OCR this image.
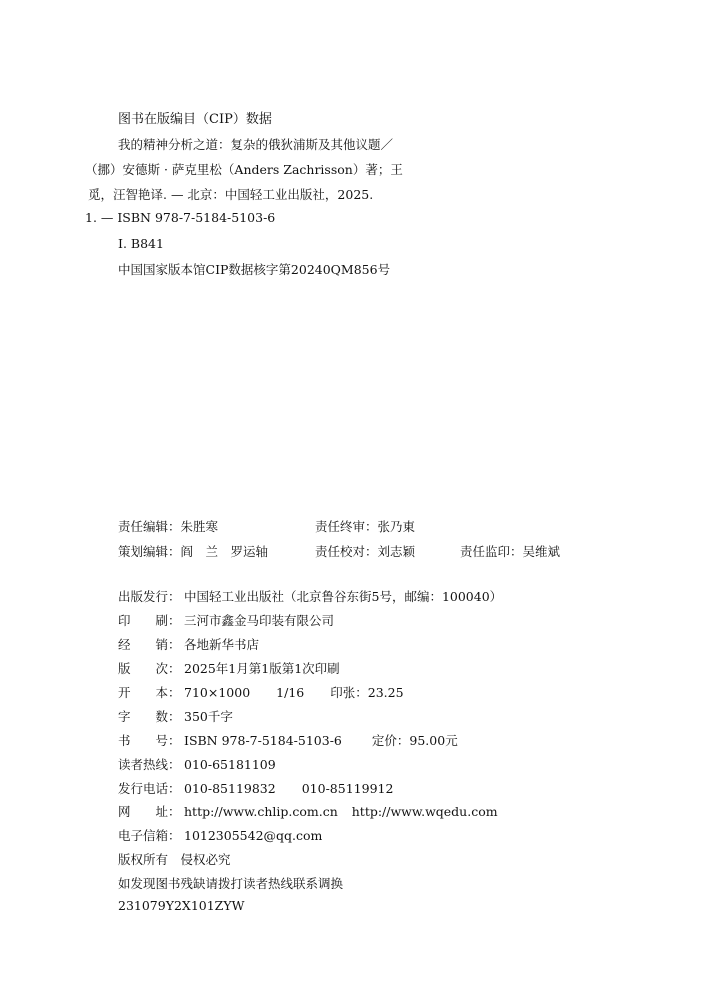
图书在版编目（CIP）数据
我的精神分析之道：复杂的俄狄浦斯及其他议题／
（挪）安德斯 · 萨克里松（Anders Zachrisson）著；王
觅，汪智艳译. — 北京：中国轻工业出版社，2025.
1. — ISBN 978-7-5184-5103-6
Ⅰ. B841
中国国家版本馆CIP数据核字第20240QM856号
责任编辑：朱胜寒	责任终审：张乃東
策划编辑：阎　兰　罗运轴	责任校对：刘志颖	责任监印：吴维斌
出版发行： 中国轻工业出版社（北京鲁谷东街5号，邮编：100040）
印　　刷： 三河市鑫金马印装有限公司
经　　销： 各地新华书店
版　　次： 2025年1月第1版第1次印刷
开　　本： 710×1000 1/16 印张：23.25
字　　数： 350千字
书　　号： ISBN 978-7-5184-5103-6 定价：95.00元
读者热线： 010-65181109
发行电话： 010-85119832 010-85119912
网　　址： http://www.chlip.com.cn http://www.wqedu.com
电子信箱： 1012305542@qq.com
版权所有　侵权必究
如发现图书残缺请拨打读者热线联系调换
231079Y2X101ZYW
